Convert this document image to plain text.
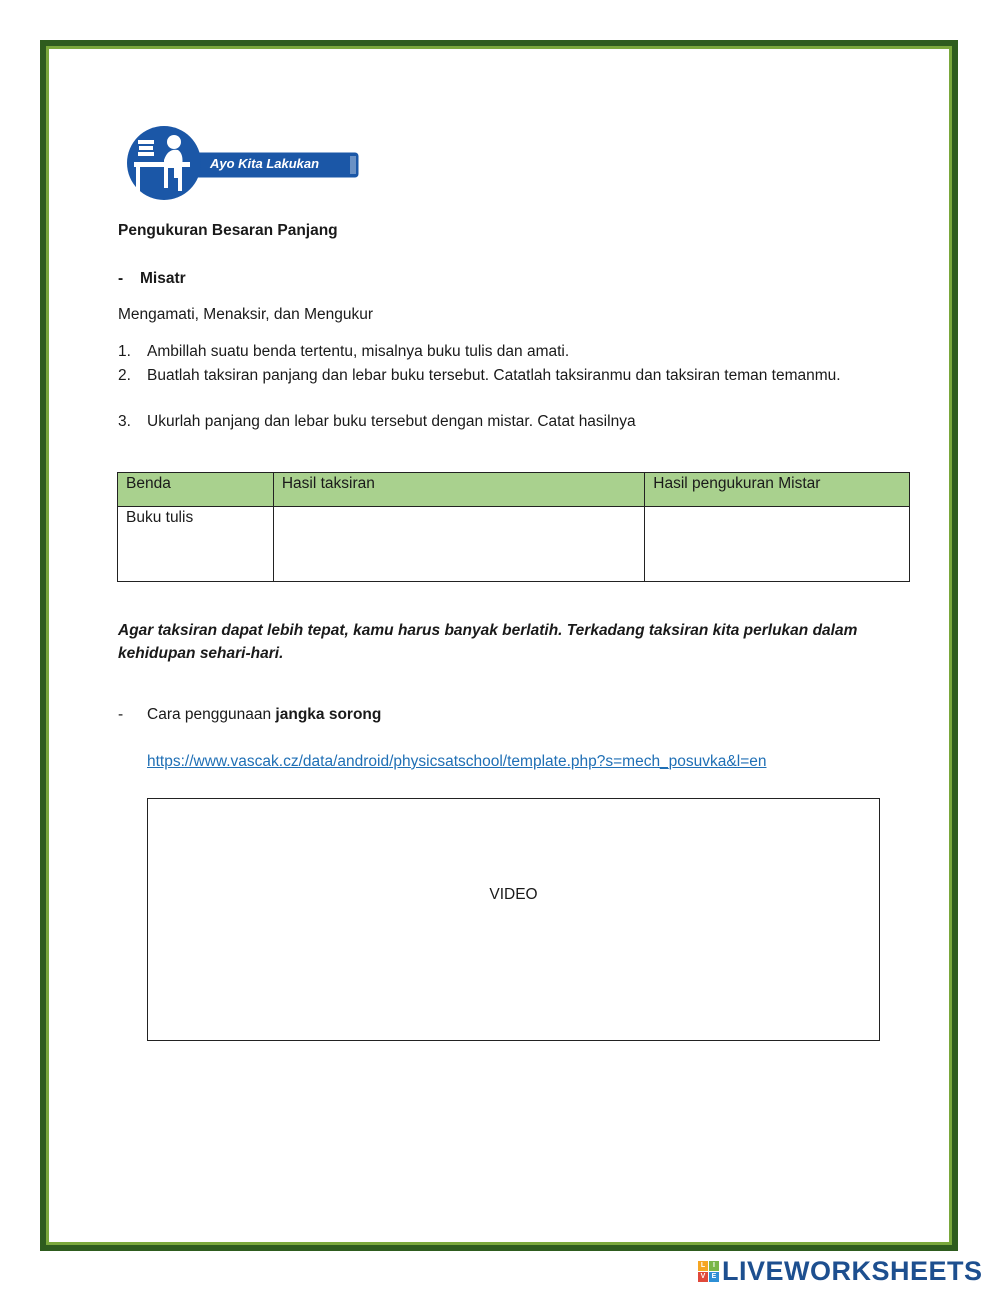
Ayo Kita Lakukan
Pengukuran Besaran Panjang
- Misatr
Mengamati, Menaksir, dan Mengukur
1. Ambillah suatu benda tertentu, misalnya buku tulis dan amati.
2. Buatlah taksiran panjang dan lebar buku tersebut. Catatlah taksiranmu dan taksiran teman temanmu.
3. Ukurlah panjang dan lebar buku tersebut dengan mistar. Catat hasilnya
Benda	Hasil taksiran	Hasil pengukuran Mistar
Buku tulis		
Agar taksiran dapat lebih tepat, kamu harus banyak berlatih. Terkadang taksiran kita perlukan dalam kehidupan sehari-hari.
- Cara penggunaan jangka sorong
https://www.vascak.cz/data/android/physicsatschool/template.php?s=mech_posuvka&l=en
VIDEO
L	I
V E LIVEWORKSHEETS
